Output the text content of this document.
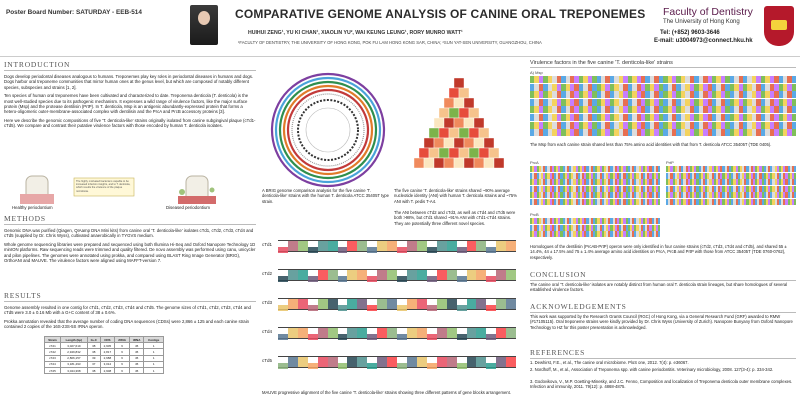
Poster Board Number: SATURDAY - EEB-514	COMPARATIVE GENOME ANALYSIS OF CANINE ORAL TREPONEMES
HUIHUI ZENG¹, YU KI CHAN¹, XIAOLIN YU², WAI KEUNG LEUNG¹, RORY MUNRO WATT¹
¹FACULTY OF DENTISTRY, THE UNIVERSITY OF HONG KONG, POK FU LAM HONG KONG SAR, CHINA; ²SUN YAT-SEN UNIVERSITY, GUANGZHOU, CHINA
Faculty of Dentistry
The University of Hong Kong
Tel: (+852) 9603-3646
E-mail: u3004973@connect.hku.hk
INTRODUCTION
Dogs develop periodontal diseases analogous to humans. Treponemes play key roles in periodontal diseases in humans and dogs. Dogs harbor oral treponeme communities that mirror human ones at the genus level, but which are composed of notably different species, subspecies and strains [1, 2].
Ten species of human oral treponemes have been cultivated and characterized to date. Treponema denticola (T. denticola) is the most well-studied species due to its pathogenic mechanism. It expresses a wild range of virulence factors, like the major surface protein (Msp) and the protease dentilisin (PrtP). In T. denticola, Msp is an antigenic abundantly-expressed protein that forms a hetero-oligomeric outer-membrane-associated complex with dentilisin and the PrcA and PrcB accessory proteins [3].
Here we describe the genomic compositions of five 'T. denticola-like' strains originally isolated from canine subgingival plaque (cTd1-cTd5). We compare and contrast their putative virulence factors with those encoded by human T. denticola isolates.
The highly motivated bacteria is capable to be increased infection insights, and to T. denticola, which results the virulence of the plaque microbiota.
Healthy periodontium	Diseased periodontium
METHODS
Genomic DNA was purified (Qiagen, QIAamp DNA Mini kits) from canine oral 'T. denticola-like' isolates cTd1, cTd2, cTd3, cTd4 and cTd5 (supplied by Dr. Chris Wyss), cultivated anaerobically in TYGVS medium.
Whole genome sequencing libraries were prepared and sequenced using both Illumina Hi-Seq and Oxford Nanopore Technology 1D minION platforms. Raw sequencing reads were trimmed and quality filtered. De novo assembly was performed using canu, unicycler and pilon pipelines. The genomes were annotated using prokka, and compared using BLAST Ring Image Generator (BRIG), OrthoANI and MAUVE. The virulence factors were aligned using MAFFT-version 7.
RESULTS
Genome assembly resulted in one contig for cTd1, cTd2, cTd3, cTd4 and cTd5. The genome sizes of cTd1, cTd2, cTd3, cTd4 and cTd5 were 3.0 ± 0.16 Mb with a G+C content of 38 ± 0.6%.
Prokka annotation revealed that the average number of coding DNA sequences (CDSs) were 2,866 ± 125 and each canine strain contained 2 copies of the 16S-23S-5S rRNA operon.
Strain	Length (bp)	G+C	CDS	rRNA	tRNA	Contigs
cTd1	3,027,619	38	2,905	6	45	1
cTd2	2,949,832	38	2,817	6	45	1
cTd3	2,806,157	39	2,688	6	45	1
cTd4	3,181,493	37	3,012	6	45	1
cTd5	3,044,368	38	2,908	6	45	1
A BRIG genome comparison analysis for the five canine 'T. denticola-like' strains with the human T. denticola ATCC 35405T type strain.
The five canine 'T. denticola-like' strains shared ~90% average nucleotide identity (ANI) with human T. denticola strains and ~75% ANI with T. pedis T-A4.
The ANI between cTd2 and cTd3, as well as cTd4 and cTd5 were both >98%, but cTd1 shared ~91% ANI with cTd1-cTd4 strains. They are potentially three different novel species.
cTd1
cTd2
cTd3
cTd4
cTd5
MAUVE progressive alignment of the five canine 'T. denticola-like' strains showing three different patterns of gene blocks arrangement.
Virulence factors in the five canine 'T. denticola-like' strains
A) Msp
The Msp from each canine strain shared less than 75% amino acid identities with that from T. denticola ATCC 35405T (TDE 0405).
PrcA	PrtP
PrcB
Homologues of the dentilisin (PrcAB-PrtP) operon were only identified in four canine strains (cTd2, cTd3, cTd4 and cTd5), and shared 55 ± 14.4%, 44 ± 17.5% and 75 ± 1.4% average amino acid identities on PrcA, PrcB and PrtP with those from ATCC 35405T (TDE 0760-0762), respectively.
CONCLUSION
The canine oral 'T. denticola-like' isolates are notably distinct from human oral T. denticola strain lineages, but share homologues of several established virulence factors.
ACKNOWLEDGEMENTS
This work was supported by the Research Grants Council (RGC) of Hong Kong, via a General Research Fund (GRF) awarded to RMW (#17105115). Oral treponeme strains were kindly provided by Dr. Chris Wyss (University of Zurich). Nanopore Bunyany from Oxford Nanopore Technology to HZ for this poster presentation is acknowledged.
REFERENCES
1. Dewhirst, F.E., et al., The canine oral microbiome. PloS one, 2012. 7(4): p. e36067.
2. Nordhoff, M., et al., Association of Treponema spp. with canine periodontitis. Veterinary microbiology, 2008. 127(3-4): p. 334-342.
3. Godovikova, V., M.P. Goetting-Minesky, and J.C. Fenno, Composition and localization of Treponema denticola outer membrane complexes. Infection and immunity, 2011. 79(12): p. 4868-4875.
